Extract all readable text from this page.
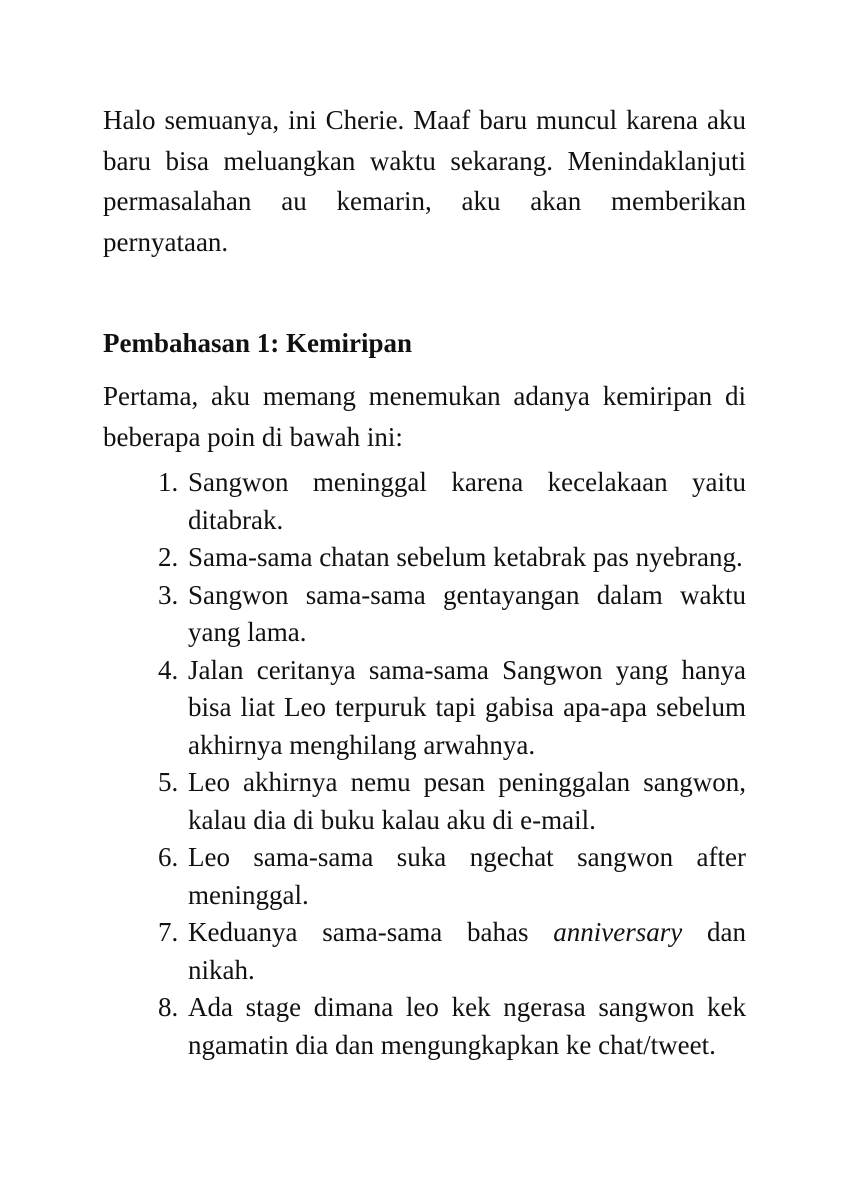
Halo semuanya, ini Cherie. Maaf baru muncul karena aku baru bisa meluangkan waktu sekarang. Menindaklanjuti permasalahan au kemarin, aku akan memberikan pernyataan.

Pembahasan 1: Kemiripan

Pertama, aku memang menemukan adanya kemiripan di beberapa poin di bawah ini:

1. Sangwon meninggal karena kecelakaan yaitu ditabrak.
2. Sama-sama chatan sebelum ketabrak pas nyebrang.
3. Sangwon sama-sama gentayangan dalam waktu yang lama.
4. Jalan ceritanya sama-sama Sangwon yang hanya bisa liat Leo terpuruk tapi gabisa apa-apa sebelum akhirnya menghilang arwahnya.
5. Leo akhirnya nemu pesan peninggalan sangwon, kalau dia di buku kalau aku di e-mail.
6. Leo sama-sama suka ngechat sangwon after meninggal.
7. Keduanya sama-sama bahas anniversary dan nikah.
8. Ada stage dimana leo kek ngerasa sangwon kek ngamatin dia dan mengungkapkan ke chat/tweet.
